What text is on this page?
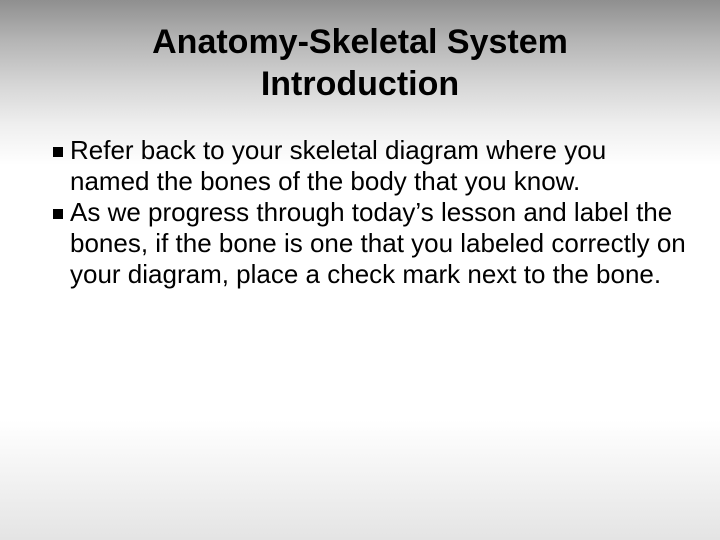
Anatomy-Skeletal System
Introduction
Refer back to your skeletal diagram where you named the bones of the body that you know.
As we progress through today’s lesson and label the bones, if the bone is one that you labeled correctly on your diagram, place a check mark next to the bone.
